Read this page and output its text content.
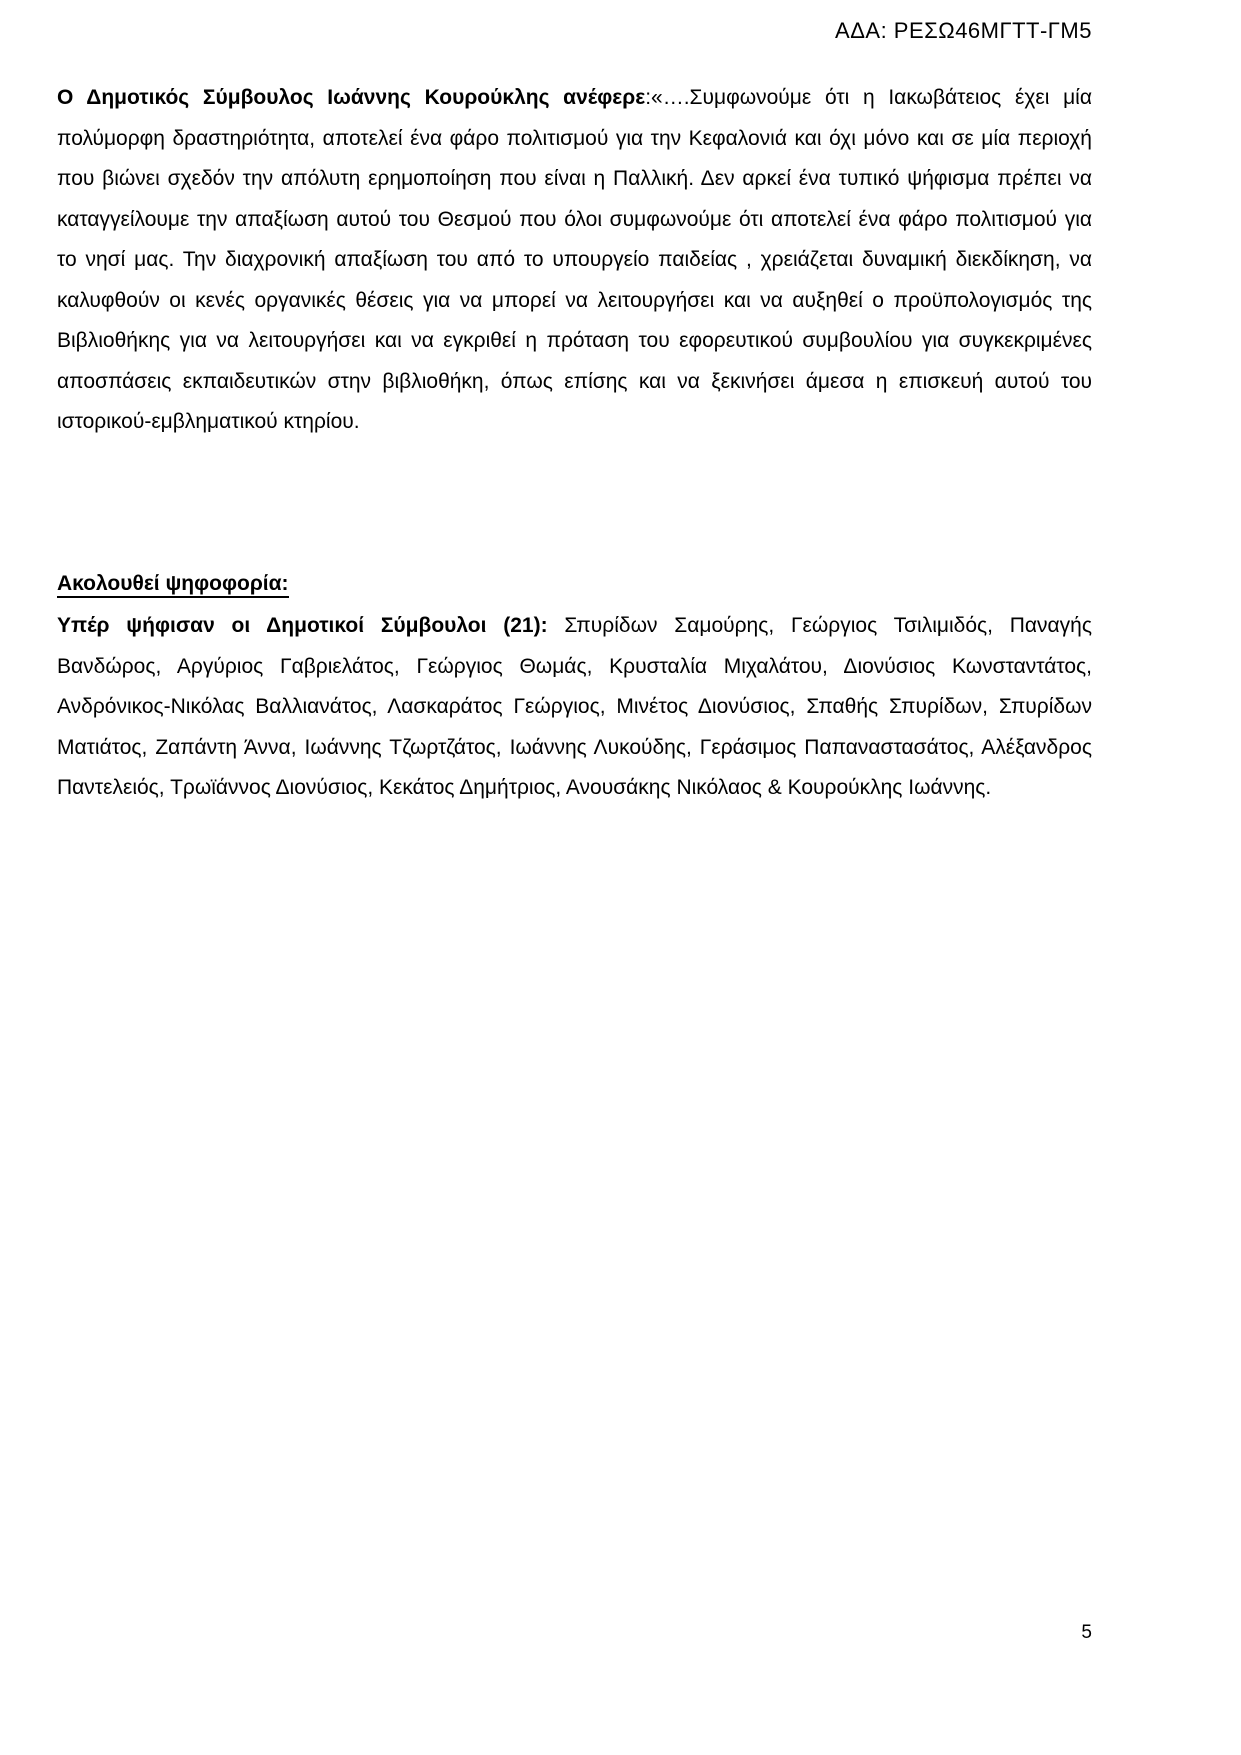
ΑΔΑ: ΡΕΣΩ46ΜΓΤΤ-ΓΜ5

Ο Δημοτικός Σύμβουλος Ιωάννης Κουρούκλης ανέφερε:«….Συμφωνούμε ότι η Ιακωβάτειος έχει μία πολύμορφη δραστηριότητα, αποτελεί ένα φάρο πολιτισμού για την Κεφαλονιά και όχι μόνο και σε μία περιοχή που βιώνει σχεδόν την απόλυτη ερημοποίηση που είναι η Παλλική. Δεν αρκεί ένα τυπικό ψήφισμα πρέπει να καταγγείλουμε την απαξίωση αυτού του Θεσμού που όλοι συμφωνούμε ότι αποτελεί ένα φάρο πολιτισμού για το νησί μας. Την διαχρονική απαξίωση του από το υπουργείο παιδείας , χρειάζεται δυναμική διεκδίκηση, να καλυφθούν οι κενές οργανικές θέσεις για να μπορεί να λειτουργήσει και να αυξηθεί ο προϋπολογισμός της Βιβλιοθήκης για να λειτουργήσει και να εγκριθεί η πρόταση του εφορευτικού συμβουλίου για συγκεκριμένες αποσπάσεις εκπαιδευτικών στην βιβλιοθήκη, όπως επίσης και να ξεκινήσει άμεσα η επισκευή αυτού του ιστορικού-εμβληματικού κτηρίου.

Ακολουθεί ψηφοφορία:

Υπέρ ψήφισαν οι Δημοτικοί Σύμβουλοι (21): Σπυρίδων Σαμούρης, Γεώργιος Τσιλιμιδός, Παναγής Βανδώρος, Αργύριος Γαβριελάτος, Γεώργιος Θωμάς, Κρυσταλία Μιχαλάτου, Διονύσιος Κωνσταντάτος, Ανδρόνικος-Νικόλας Βαλλιανάτος, Λασκαράτος Γεώργιος, Μινέτος Διονύσιος, Σπαθής Σπυρίδων, Σπυρίδων Ματιάτος, Ζαπάντη Άννα, Ιωάννης Τζωρτζάτος, Ιωάννης Λυκούδης, Γεράσιμος Παπαναστασάτος, Αλέξανδρος Παντελειός, Τρωϊάννος Διονύσιος, Κεκάτος Δημήτριος, Ανουσάκης Νικόλαος & Κουρούκλης Ιωάννης.

5
